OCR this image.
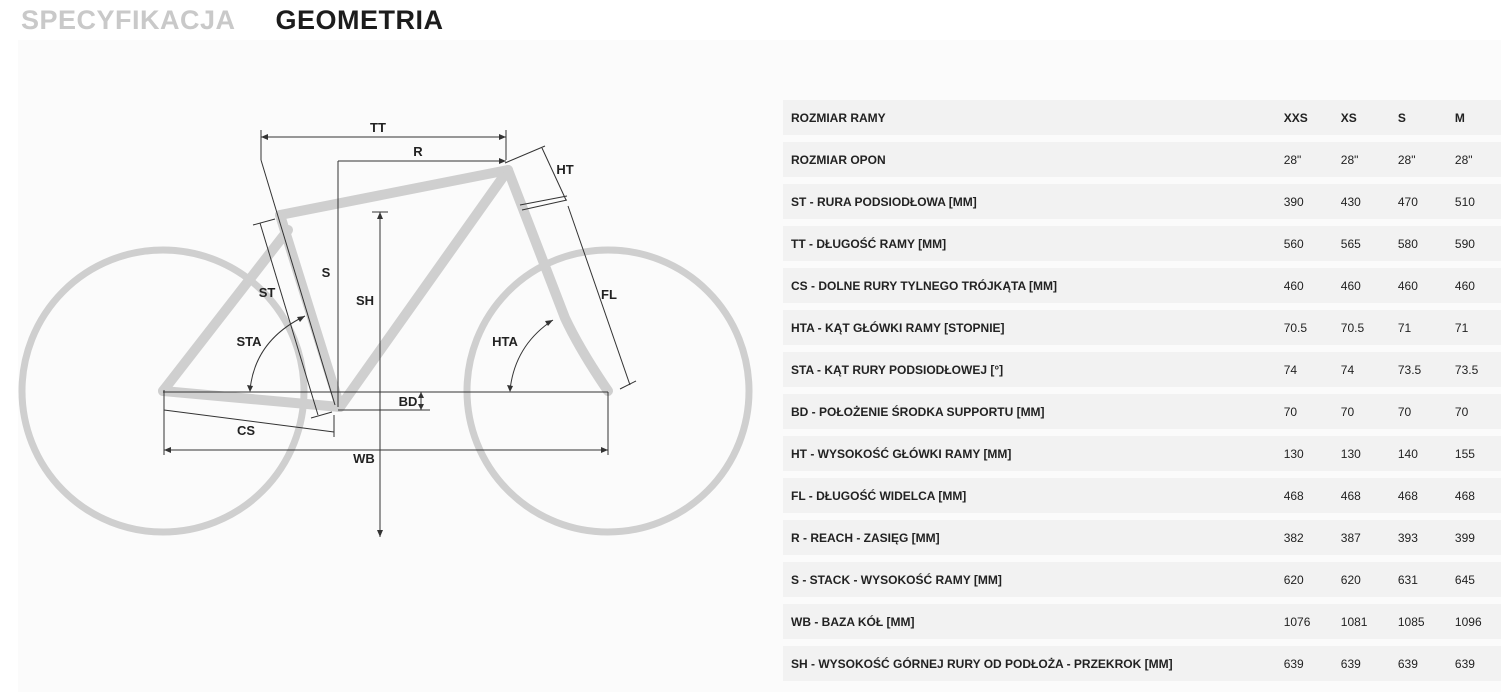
SPECYFIKACJA GEOMETRIA
TT
R
HT
S
SH
ST
STA
FL
HTA
BD
CS
WB
ROZMIAR RAMY	XXS	XS	S	M
ROZMIAR OPON	28"	28"	28"	28"
ST - RURA PODSIODŁOWA [MM]	390	430	470	510
TT - DŁUGOŚĆ RAMY [MM]	560	565	580	590
CS - DOLNE RURY TYLNEGO TRÓJKĄTA [MM]	460	460	460	460
HTA - KĄT GŁÓWKI RAMY [STOPNIE]	70.5	70.5	71	71
STA - KĄT RURY PODSIODŁOWEJ [°]	74	74	73.5	73.5
BD - POŁOŻENIE ŚRODKA SUPPORTU [MM]	70	70	70	70
HT - WYSOKOŚĆ GŁÓWKI RAMY [MM]	130	130	140	155
FL - DŁUGOŚĆ WIDELCA [MM]	468	468	468	468
R - REACH - ZASIĘG [MM]	382	387	393	399
S - STACK - WYSOKOŚĆ RAMY [MM]	620	620	631	645
WB - BAZA KÓŁ [MM]	1076	1081	1085	1096
SH - WYSOKOŚĆ GÓRNEJ RURY OD PODŁOŻA - PRZEKROK [MM]	639	639	639	639
